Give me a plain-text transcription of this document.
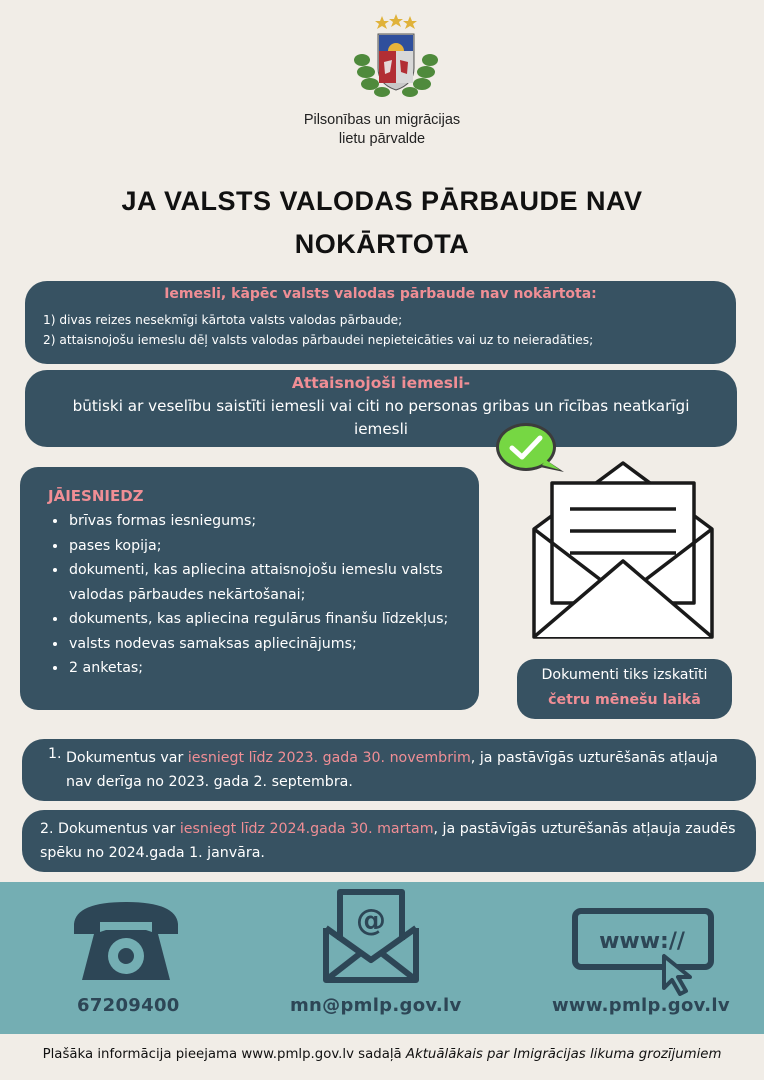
Pilsonības un migrācijas
lietu pārvalde
JA VALSTS VALODAS PĀRBAUDE NAV
NOKĀRTOTA
Iemesli, kāpēc valsts valodas pārbaude nav nokārtota:
1) divas reizes nesekmīgi kārtota valsts valodas pārbaude;
2) attaisnojošu iemeslu dēļ valsts valodas pārbaudei nepieteicāties vai uz to neieradāties;
Attaisnojoši iemesli-
būtiski ar veselību saistīti iemesli vai citi no personas gribas un rīcības neatkarīgi iemesli
JĀIESNIEDZ
• brīvas formas iesniegums;
• pases kopija;
• dokumenti, kas apliecina attaisnojošu iemeslu valsts valodas pārbaudes nekārtošanai;
• dokuments, kas apliecina regulārus finanšu līdzekļus;
• valsts nodevas samaksas apliecinājums;
• 2 anketas;	Dokumenti tiks izskatīti
četru mēnešu laikā
1. Dokumentus var iesniegt līdz 2023. gada 30. novembrim, ja pastāvīgās uzturēšanās atļauja nav derīga no 2023. gada 2. septembra.
2. Dokumentus var iesniegt līdz 2024.gada 30. martam, ja pastāvīgās uzturēšanās atļauja zaudēs spēku no 2024.gada 1. janvāra.
@
www://
67209400	mn@pmlp.gov.lv	www.pmlp.gov.lv
Plašāka informācija pieejama www.pmlp.gov.lv sadaļā Aktuālākais par Imigrācijas likuma grozījumiem
